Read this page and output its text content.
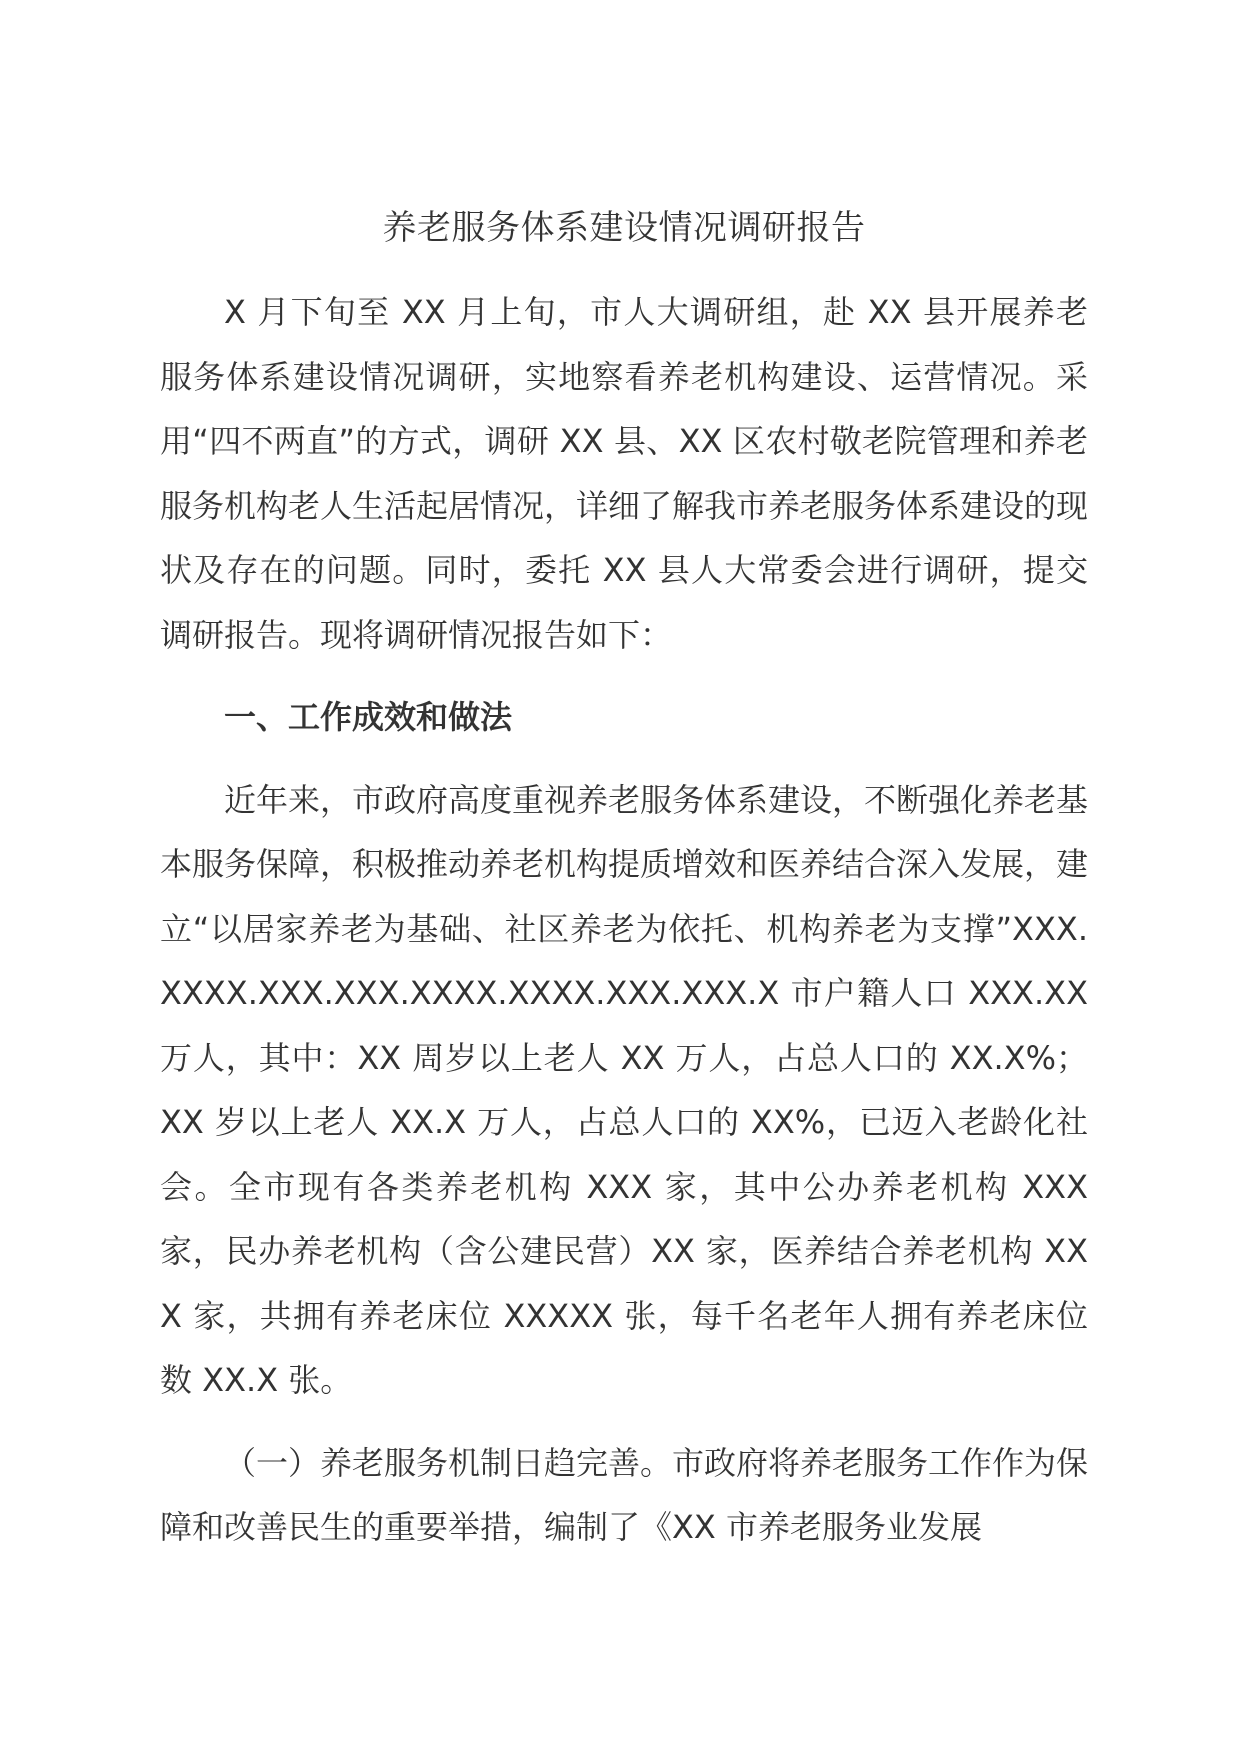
养老服务体系建设情况调研报告

X 月下旬至 XX 月上旬，市人大调研组，赴 XX 县开展养老服务体系建设情况调研，实地察看养老机构建设、运营情况。采用“四不两直”的方式，调研 XX 县、XX 区农村敬老院管理和养老服务机构老人生活起居情况，详细了解我市养老服务体系建设的现状及存在的问题。同时，委托 XX 县人大常委会进行调研，提交调研报告。现将调研情况报告如下：

一、工作成效和做法

近年来，市政府高度重视养老服务体系建设，不断强化养老基本服务保障，积极推动养老机构提质增效和医养结合深入发展，建立“以居家养老为基础、社区养老为依托、机构养老为支撑”XXX.XXXX.XXX.XXX.XXXX.XXXX.XXX.XXX.X 市户籍人口 XXX.XX 万人，其中：XX 周岁以上老人 XX 万人，占总人口的 XX.X%；XX 岁以上老人 XX.X 万人，占总人口的 XX%，已迈入老龄化社会。全市现有各类养老机构 XXX 家，其中公办养老机构 XXX 家，民办养老机构（含公建民营）XX 家，医养结合养老机构 XXX 家，共拥有养老床位 XXXXX 张，每千名老年人拥有养老床位数 XX.X 张。

（一）养老服务机制日趋完善。市政府将养老服务工作作为保障和改善民生的重要举措，编制了《XX 市养老服务业发展
